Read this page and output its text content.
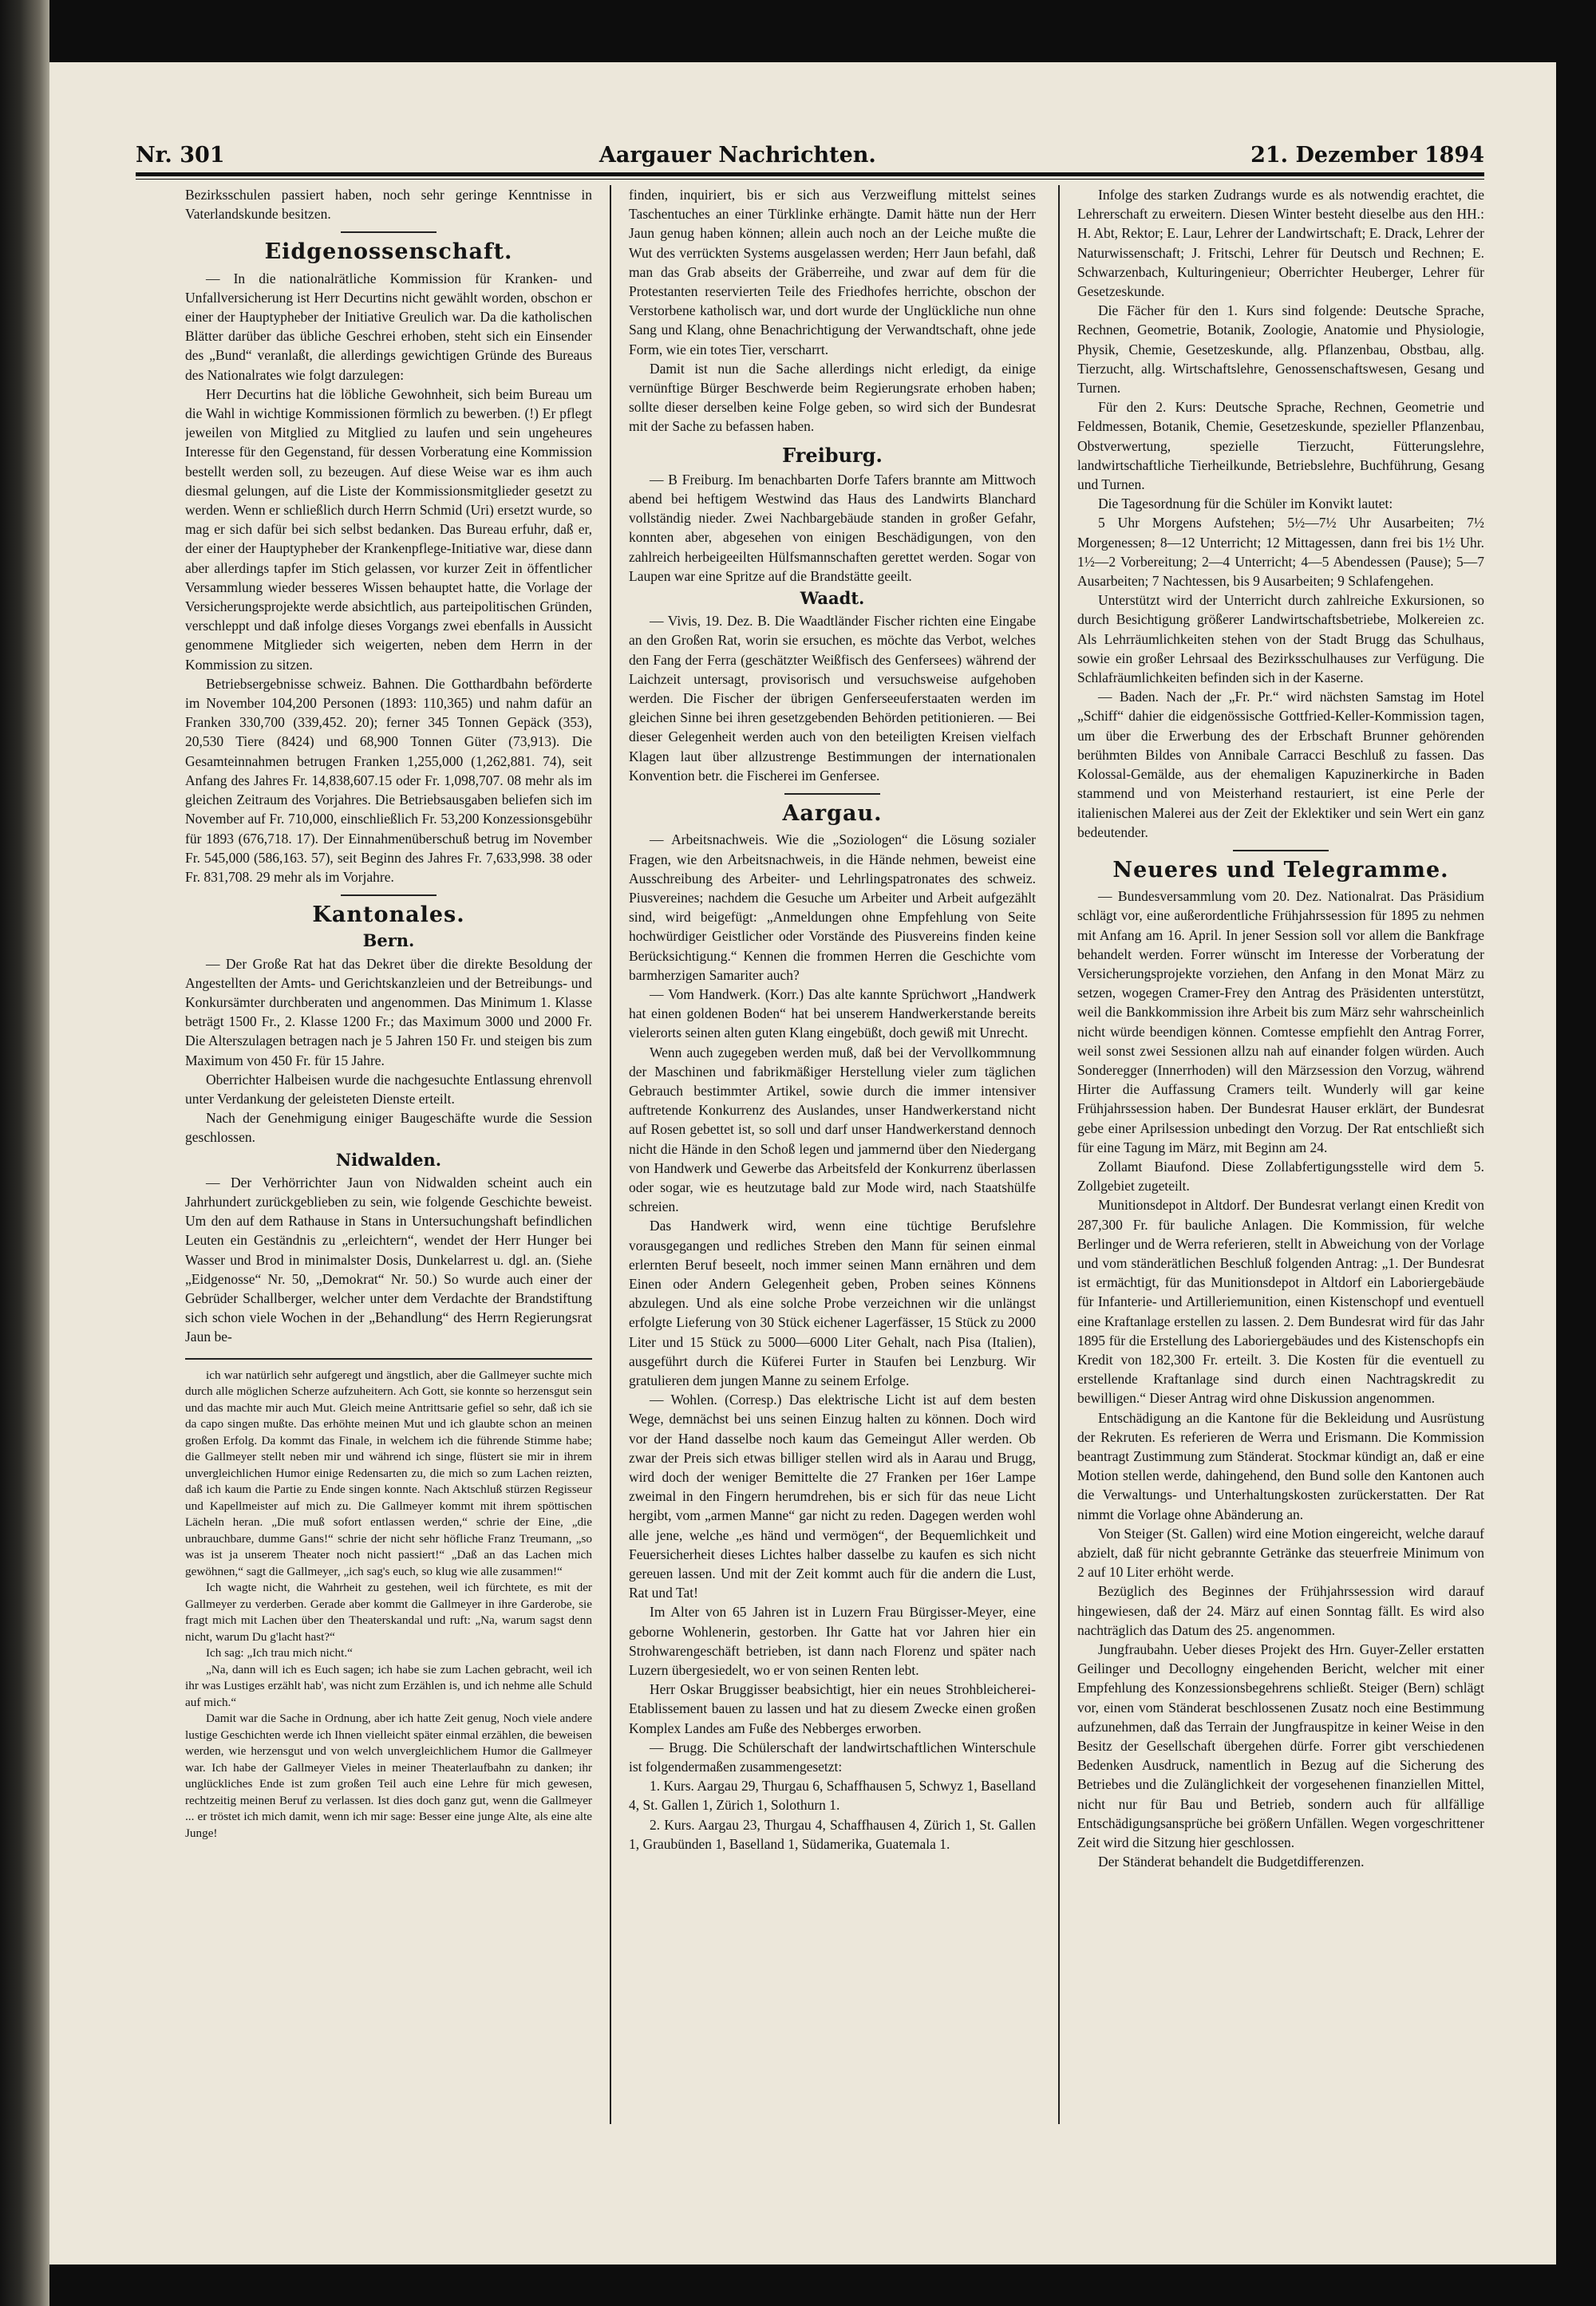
Nr. 301	Aargauer Nachrichten.	21. Dezember 1894

Bezirksschulen passiert haben, noch sehr geringe Kenntnisse in Vaterlandskunde besitzen.

Eidgenossenschaft.

— In die nationalrätliche Kommission für Kranken- und Unfallversicherung ist Herr Decurtins nicht gewählt worden, obschon er einer der Hauptурheber der Initiative Greulich war. Da die katholischen Blätter darüber das übliche Geschrei erhoben, steht sich ein Einsender des „Bund“ veranlaßt, die allerdings gewichtigen Gründe des Bureaus des Nationalrates wie folgt darzulegen:

Herr Decurtins hat die löbliche Gewohnheit, sich beim Bureau um die Wahl in wichtige Kommissionen förmlich zu bewerben. (!) Er pflegt jeweilen von Mitglied zu Mitglied zu laufen und sein ungeheures Interesse für den Gegenstand, für dessen Vorberatung eine Kommission bestellt werden soll, zu bezeugen. Auf diese Weise war es ihm auch diesmal gelungen, auf die Liste der Kommissionsmitglieder gesetzt zu werden. Wenn er schließlich durch Herrn Schmid (Uri) ersetzt wurde, so mag er sich dafür bei sich selbst bedanken. Das Bureau erfuhr, daß er, der einer der Hauptурheber der Krankenpflege-Initiative war, diese dann aber allerdings tapfer im Stich gelassen, vor kurzer Zeit in öffentlicher Versammlung wieder besseres Wissen behauptet hatte, die Vorlage der Versicherungsprojekte werde absichtlich, aus parteipolitischen Gründen, verschleppt und daß infolge dieses Vorgangs zwei ebenfalls in Aussicht genommene Mitglieder sich weigerten, neben dem Herrn in der Kommission zu sitzen.

Betriebsergebnisse schweiz. Bahnen. Die Gotthardbahn beförderte im November 104,200 Personen (1893: 110,365) und nahm dafür an Franken 330,700 (339,452. 20); ferner 345 Tonnen Gepäck (353), 20,530 Tiere (8424) und 68,900 Tonnen Güter (73,913). Die Gesamteinnahmen betrugen Franken 1,255,000 (1,262,881. 74), seit Anfang des Jahres Fr. 14,838,607.15 oder Fr. 1,098,707. 08 mehr als im gleichen Zeitraum des Vorjahres. Die Betriebsausgaben beliefen sich im November auf Fr. 710,000, einschließlich Fr. 53,200 Konzessionsgebühr für 1893 (676,718. 17). Der Einnahmenüberschuß betrug im November Fr. 545,000 (586,163. 57), seit Beginn des Jahres Fr. 7,633,998. 38 oder Fr. 831,708. 29 mehr als im Vorjahre.

Kantonales.
Bern.

— Der Große Rat hat das Dekret über die direkte Besoldung der Angestellten der Amts- und Gerichtskanzleien und der Betreibungs- und Konkursämter durchberaten und angenommen. Das Minimum 1. Klasse beträgt 1500 Fr., 2. Klasse 1200 Fr.; das Maximum 3000 und 2000 Fr. Die Alterszulagen betragen nach je 5 Jahren 150 Fr. und steigen bis zum Maximum von 450 Fr. für 15 Jahre.

Oberrichter Halbeisen wurde die nachgesuchte Entlassung ehrenvoll unter Verdankung der geleisteten Dienste erteilt.

Nach der Genehmigung einiger Baugeschäfte wurde die Session geschlossen.

Nidwalden.

— Der Verhörrichter Jaun von Nidwalden scheint auch ein Jahrhundert zurückgeblieben zu sein, wie folgende Geschichte beweist. Um den auf dem Rathause in Stans in Untersuchungshaft befindlichen Leuten ein Geständnis zu „erleichtern“, wendet der Herr Hunger bei Wasser und Brod in minimalster Dosis, Dunkelarrest u. dgl. an. (Siehe „Eidgenosse“ Nr. 50, „Demokrat“ Nr. 50.) So wurde auch einer der Gebrüder Schallberger, welcher unter dem Verdachte der Brandstiftung sich schon viele Wochen in der „Behandlung“ des Herrn Regierungsrat Jaun be-

ich war natürlich sehr aufgeregt und ängstlich, aber die Gallmeyer suchte mich durch alle möglichen Scherze aufzuheitern. Ach Gott, sie konnte so herzensgut sein und das machte mir auch Mut. Gleich meine Antrittsarie gefiel so sehr, daß ich sie da capo singen mußte. Das erhöhte meinen Mut und ich glaubte schon an meinen großen Erfolg. Da kommt das Finale, in welchem ich die führende Stimme habe; die Gallmeyer stellt neben mir und während ich singe, flüstert sie mir in ihrem unvergleichlichen Humor einige Redensarten zu, die mich so zum Lachen reizten, daß ich kaum die Partie zu Ende singen konnte. Nach Aktschluß stürzen Regisseur und Kapellmeister auf mich zu. Die Gallmeyer kommt mit ihrem spöttischen Lächeln heran. „Die muß sofort entlassen werden,“ schrie der Eine, „die unbrauchbare, dumme Gans!“ schrie der nicht sehr höfliche Franz Treumann, „so was ist ja unserem Theater noch nicht passiert!“ „Daß an das Lachen mich gewöhnen,“ sagt die Gallmeyer, „ich sag's euch, so klug wie alle zusammen!“

Ich wagte nicht, die Wahrheit zu gestehen, weil ich fürchtete, es mit der Gallmeyer zu verderben. Gerade aber kommt die Gallmeyer in ihre Garderobe, sie fragt mich mit Lachen über den Theaterskandal und ruft: „Na, warum sagst denn nicht, warum Du g'lacht hast?“

Ich sag: „Ich trau mich nicht.“

„Na, dann will ich es Euch sagen; ich habe sie zum Lachen gebracht, weil ich ihr was Lustiges erzählt hab', was nicht zum Erzählen is, und ich nehme alle Schuld auf mich.“

Damit war die Sache in Ordnung, aber ich hatte Zeit genug, Noch viele andere lustige Geschichten werde ich Ihnen vielleicht später einmal erzählen, die beweisen werden, wie herzensgut und von welch unvergleichlichem Humor die Gallmeyer war. Ich habe der Gallmeyer Vieles in meiner Theaterlaufbahn zu danken; ihr unglückliches Ende ist zum großen Teil auch eine Lehre für mich gewesen, rechtzeitig meinen Beruf zu verlassen. Ist dies doch ganz gut, wenn die Gallmeyer ... er tröstet ich mich damit, wenn ich mir sage: Besser eine junge Alte, als eine alte Junge!

finden, inquiriert, bis er sich aus Verzweiflung mittelst seines Taschentuches an einer Türklinke erhängte. Damit hätte nun der Herr Jaun genug haben können; allein auch noch an der Leiche mußte die Wut des verrückten Systems ausgelassen werden; Herr Jaun befahl, daß man das Grab abseits der Gräberreihe, und zwar auf dem für die Protestanten reservierten Teile des Friedhofes herrichte, obschon der Verstorbene katholisch war, und dort wurde der Unglückliche nun ohne Sang und Klang, ohne Benachrichtigung der Verwandtschaft, ohne jede Form, wie ein totes Tier, verscharrt.

Damit ist nun die Sache allerdings nicht erledigt, da einige vernünftige Bürger Beschwerde beim Regierungsrate erhoben haben; sollte dieser derselben keine Folge geben, so wird sich der Bundesrat mit der Sache zu befassen haben.

Freiburg.

— B Freiburg. Im benachbarten Dorfe Tafers brannte am Mittwoch abend bei heftigem Westwind das Haus des Landwirts Blanchard vollständig nieder. Zwei Nachbargebäude standen in großer Gefahr, konnten aber, abgesehen von einigen Beschädigungen, von den zahlreich herbeigeeilten Hülfsmannschaften gerettet werden. Sogar von Laupen war eine Spritze auf die Brandstätte geeilt.

Waadt.

— Vivis, 19. Dez. B. Die Waadtländer Fischer richten eine Eingabe an den Großen Rat, worin sie ersuchen, es möchte das Verbot, welches den Fang der Ferra (geschätzter Weißfisch des Genfersees) während der Laichzeit untersagt, provisorisch und versuchsweise aufgehoben werden. Die Fischer der übrigen Genferseeuferstaaten werden im gleichen Sinne bei ihren gesetzgebenden Behörden petitionieren. — Bei dieser Gelegenheit werden auch von den beteiligten Kreisen vielfach Klagen laut über allzustrenge Bestimmungen der internationalen Konvention betr. die Fischerei im Genfersee.

Aargau.

— Arbeitsnachweis. Wie die „Soziologen“ die Lösung sozialer Fragen, wie den Arbeitsnachweis, in die Hände nehmen, beweist eine Ausschreibung des Arbeiter- und Lehrlingspatronates des schweiz. Piusvereines; nachdem die Gesuche um Arbeiter und Arbeit aufgezählt sind, wird beigefügt: „Anmeldungen ohne Empfehlung von Seite hochwürdiger Geistlicher oder Vorstände des Piusvereins finden keine Berücksichtigung.“ Kennen die frommen Herren die Geschichte vom barmherzigen Samariter auch?

— Vom Handwerk. (Korr.) Das alte kannte Sprüchwort „Handwerk hat einen goldenen Boden“ hat bei unserem Handwerkerstande bereits vielerorts seinen alten guten Klang eingebüßt, doch gewiß mit Unrecht.

Wenn auch zugegeben werden muß, daß bei der Vervollkommnung der Maschinen und fabrikmäßiger Herstellung vieler zum täglichen Gebrauch bestimmter Artikel, sowie durch die immer intensiver auftretende Konkurrenz des Auslandes, unser Handwerkerstand nicht auf Rosen gebettet ist, so soll und darf unser Handwerkerstand dennoch nicht die Hände in den Schoß legen und jammernd über den Niedergang von Handwerk und Gewerbe das Arbeitsfeld der Konkurrenz überlassen oder sogar, wie es heutzutage bald zur Mode wird, nach Staatshülfe schreien.

Das Handwerk wird, wenn eine tüchtige Berufslehre vorausgegangen und redliches Streben den Mann für seinen einmal erlernten Beruf beseelt, noch immer seinen Mann ernähren und dem Einen oder Andern Gelegenheit geben, Proben seines Könnens abzulegen. Und als eine solche Probe verzeichnen wir die unlängst erfolgte Lieferung von 30 Stück eichener Lagerfässer, 15 Stück zu 2000 Liter und 15 Stück zu 5000—6000 Liter Gehalt, nach Pisa (Italien), ausgeführt durch die Küferei Furter in Staufen bei Lenzburg. Wir gratulieren dem jungen Manne zu seinem Erfolge.

— Wohlen. (Corresp.) Das elektrische Licht ist auf dem besten Wege, demnächst bei uns seinen Einzug halten zu können. Doch wird vor der Hand dasselbe noch kaum das Gemeingut Aller werden. Ob zwar der Preis sich etwas billiger stellen wird als in Aarau und Brugg, wird doch der weniger Bemittelte die 27 Franken per 16er Lampe zweimal in den Fingern herumdrehen, bis er sich für das neue Licht hergibt, vom „armen Manne“ gar nicht zu reden. Dagegen werden wohl alle jene, welche „es händ und vermögen“, der Bequemlichkeit und Feuersicherheit dieses Lichtes halber dasselbe zu kaufen es sich nicht gereuen lassen. Und mit der Zeit kommt auch für die andern die Lust, Rat und Tat!

Im Alter von 65 Jahren ist in Luzern Frau Bürgisser-Meyer, eine geborne Wohlenerin, gestorben. Ihr Gatte hat vor Jahren hier ein Strohwarengeschäft betrieben, ist dann nach Florenz und später nach Luzern übergesiedelt, wo er von seinen Renten lebt.

Herr Oskar Bruggisser beabsichtigt, hier ein neues Strohbleicherei-Etablissement bauen zu lassen und hat zu diesem Zwecke einen großen Komplex Landes am Fuße des Nebberges erworben.

— Brugg. Die Schülerschaft der landwirtschaftlichen Winterschule ist folgendermaßen zusammengesetzt:

1. Kurs. Aargau 29, Thurgau 6, Schaffhausen 5, Schwyz 1, Baselland 4, St. Gallen 1, Zürich 1, Solothurn 1.

2. Kurs. Aargau 23, Thurgau 4, Schaffhausen 4, Zürich 1, St. Gallen 1, Graubünden 1, Baselland 1, Südamerika, Guatemala 1.

Infolge des starken Zudrangs wurde es als notwendig erachtet, die Lehrerschaft zu erweitern. Diesen Winter besteht dieselbe aus den HH.: H. Abt, Rektor; E. Laur, Lehrer der Landwirtschaft; E. Drack, Lehrer der Naturwissenschaft; J. Fritschi, Lehrer für Deutsch und Rechnen; E. Schwarzenbach, Kulturingenieur; Oberrichter Heuberger, Lehrer für Gesetzeskunde.

Die Fächer für den 1. Kurs sind folgende: Deutsche Sprache, Rechnen, Geometrie, Botanik, Zoologie, Anatomie und Physiologie, Physik, Chemie, Gesetzeskunde, allg. Pflanzenbau, Obstbau, allg. Tierzucht, allg. Wirtschaftslehre, Genossenschaftswesen, Gesang und Turnen.

Für den 2. Kurs: Deutsche Sprache, Rechnen, Geometrie und Feldmessen, Botanik, Chemie, Gesetzeskunde, spezieller Pflanzenbau, Obstverwertung, spezielle Tierzucht, Fütterungslehre, landwirtschaftliche Tierheilkunde, Betriebslehre, Buchführung, Gesang und Turnen.

Die Tagesordnung für die Schüler im Konvikt lautet:

5 Uhr Morgens Aufstehen; 5½—7½ Uhr Ausarbeiten; 7½ Morgenessen; 8—12 Unterricht; 12 Mittagessen, dann frei bis 1½ Uhr. 1½—2 Vorbereitung; 2—4 Unterricht; 4—5 Abendessen (Pause); 5—7 Ausarbeiten; 7 Nachtessen, bis 9 Ausarbeiten; 9 Schlafengehen.

Unterstützt wird der Unterricht durch zahlreiche Exkursionen, so durch Besichtigung größerer Landwirtschaftsbetriebe, Molkereien zc. Als Lehrräumlichkeiten stehen von der Stadt Brugg das Schulhaus, sowie ein großer Lehrsaal des Bezirksschulhauses zur Verfügung. Die Schlafräumlichkeiten befinden sich in der Kaserne.

— Baden. Nach der „Fr. Pr.“ wird nächsten Samstag im Hotel „Schiff“ dahier die eidgenössische Gottfried-Keller-Kommission tagen, um über die Erwerbung des der Erbschaft Brunner gehörenden berühmten Bildes von Annibale Carracci Beschluß zu fassen. Das Kolossal-Gemälde, aus der ehemaligen Kapuzinerkirche in Baden stammend und von Meisterhand restauriert, ist eine Perle der italienischen Malerei aus der Zeit der Eklektiker und sein Wert ein ganz bedeutender.

Neueres und Telegramme.

— Bundesversammlung vom 20. Dez. Nationalrat. Das Präsidium schlägt vor, eine außerordentliche Frühjahrssession für 1895 zu nehmen mit Anfang am 16. April. In jener Session soll vor allem die Bankfrage behandelt werden. Forrer wünscht im Interesse der Vorberatung der Versicherungsprojekte vorziehen, den Anfang in den Monat März zu setzen, wogegen Cramer-Frey den Antrag des Präsidenten unterstützt, weil die Bankkommission ihre Arbeit bis zum März sehr wahrscheinlich nicht würde beendigen können. Comtesse empfiehlt den Antrag Forrer, weil sonst zwei Sessionen allzu nah auf einander folgen würden. Auch Sonderegger (Innerrhoden) will den Märzsession den Vorzug, während Hirter die Auffassung Cramers teilt. Wunderly will gar keine Frühjahrssession haben. Der Bundesrat Hauser erklärt, der Bundesrat gebe einer Aprilsession unbedingt den Vorzug. Der Rat entschließt sich für eine Tagung im März, mit Beginn am 24.

Zollamt Biaufond. Diese Zollabfertigungsstelle wird dem 5. Zollgebiet zugeteilt.

Munitionsdepot in Altdorf. Der Bundesrat verlangt einen Kredit von 287,300 Fr. für bauliche Anlagen. Die Kommission, für welche Berlinger und de Werra referieren, stellt in Abweichung von der Vorlage und vom ständerätlichen Beschluß folgenden Antrag: „1. Der Bundesrat ist ermächtigt, für das Munitionsdepot in Altdorf ein Laboriergebäude für Infanterie- und Artilleriemunition, einen Kistenschopf und eventuell eine Kraftanlage erstellen zu lassen. 2. Dem Bundesrat wird für das Jahr 1895 für die Erstellung des Laboriergebäudes und des Kistenschopfs ein Kredit von 182,300 Fr. erteilt. 3. Die Kosten für die eventuell zu erstellende Kraftanlage sind durch einen Nachtragskredit zu bewilligen.“ Dieser Antrag wird ohne Diskussion angenommen.

Entschädigung an die Kantone für die Bekleidung und Ausrüstung der Rekruten. Es referieren de Werra und Erismann. Die Kommission beantragt Zustimmung zum Ständerat. Stockmar kündigt an, daß er eine Motion stellen werde, dahingehend, den Bund solle den Kantonen auch die Verwaltungs- und Unterhaltungskosten zurückerstatten. Der Rat nimmt die Vorlage ohne Abänderung an.

Von Steiger (St. Gallen) wird eine Motion eingereicht, welche darauf abzielt, daß für nicht gebrannte Getränke das steuerfreie Minimum von 2 auf 10 Liter erhöht werde.

Bezüglich des Beginnes der Frühjahrssession wird darauf hingewiesen, daß der 24. März auf einen Sonntag fällt. Es wird also nachträglich das Datum des 25. angenommen.

Jungfraubahn. Ueber dieses Projekt des Hrn. Guyer-Zeller erstatten Geilinger und Decollogny eingehenden Bericht, welcher mit einer Empfehlung des Konzessionsbegehrens schließt. Steiger (Bern) schlägt vor, einen vom Ständerat beschlossenen Zusatz noch eine Bestimmung aufzunehmen, daß das Terrain der Jungfrauspitze in keiner Weise in den Besitz der Gesellschaft übergehen dürfe. Forrer gibt verschiedenen Bedenken Ausdruck, namentlich in Bezug auf die Sicherung des Betriebes und die Zulänglichkeit der vorgesehenen finanziellen Mittel, nicht nur für Bau und Betrieb, sondern auch für allfällige Entschädigungsansprüche bei größern Unfällen. Wegen vorgeschrittener Zeit wird die Sitzung hier geschlossen.

Der Ständerat behandelt die Budgetdifferenzen.
